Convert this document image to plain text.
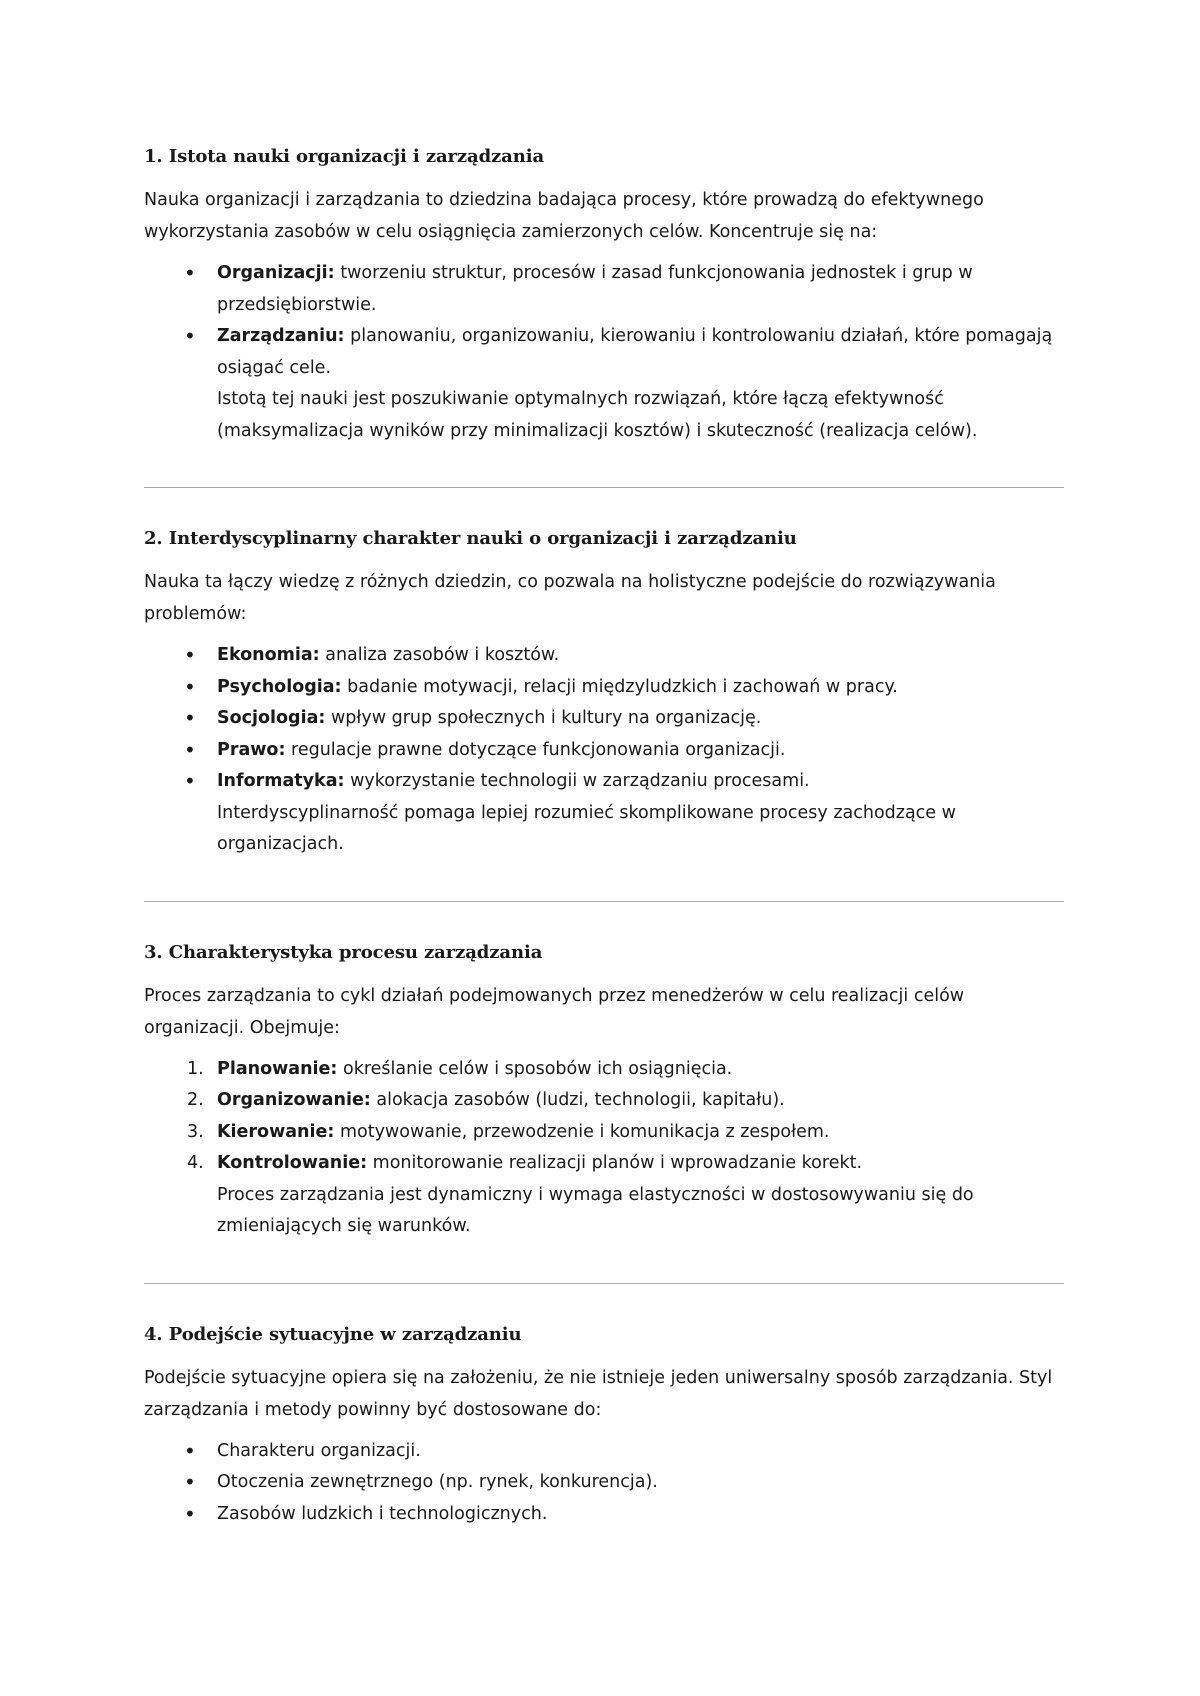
1. Istota nauki organizacji i zarządzania

Nauka organizacji i zarządzania to dziedzina badająca procesy, które prowadzą do efektywnego wykorzystania zasobów w celu osiągnięcia zamierzonych celów. Koncentruje się na:

• Organizacji: tworzeniu struktur, procesów i zasad funkcjonowania jednostek i grup w przedsiębiorstwie.
• Zarządzaniu: planowaniu, organizowaniu, kierowaniu i kontrolowaniu działań, które pomagają osiągać cele.
Istotą tej nauki jest poszukiwanie optymalnych rozwiązań, które łączą efektywność (maksymalizacja wyników przy minimalizacji kosztów) i skuteczność (realizacja celów).
2. Interdyscyplinarny charakter nauki o organizacji i zarządzaniu

Nauka ta łączy wiedzę z różnych dziedzin, co pozwala na holistyczne podejście do rozwiązywania problemów:

• Ekonomia: analiza zasobów i kosztów.
• Psychologia: badanie motywacji, relacji międzyludzkich i zachowań w pracy.
• Socjologia: wpływ grup społecznych i kultury na organizację.
• Prawo: regulacje prawne dotyczące funkcjonowania organizacji.
• Informatyka: wykorzystanie technologii w zarządzaniu procesami.
Interdyscyplinarność pomaga lepiej rozumieć skomplikowane procesy zachodzące w organizacjach.
3. Charakterystyka procesu zarządzania

Proces zarządzania to cykl działań podejmowanych przez menedżerów w celu realizacji celów organizacji. Obejmuje:

1. Planowanie: określanie celów i sposobów ich osiągnięcia.
2. Organizowanie: alokacja zasobów (ludzi, technologii, kapitału).
3. Kierowanie: motywowanie, przewodzenie i komunikacja z zespołem.
4. Kontrolowanie: monitorowanie realizacji planów i wprowadzanie korekt.
Proces zarządzania jest dynamiczny i wymaga elastyczności w dostosowywaniu się do zmieniających się warunków.
4. Podejście sytuacyjne w zarządzaniu

Podejście sytuacyjne opiera się na założeniu, że nie istnieje jeden uniwersalny sposób zarządzania. Styl zarządzania i metody powinny być dostosowane do:

• Charakteru organizacji.
• Otoczenia zewnętrznego (np. rynek, konkurencja).
• Zasobów ludzkich i technologicznych.
